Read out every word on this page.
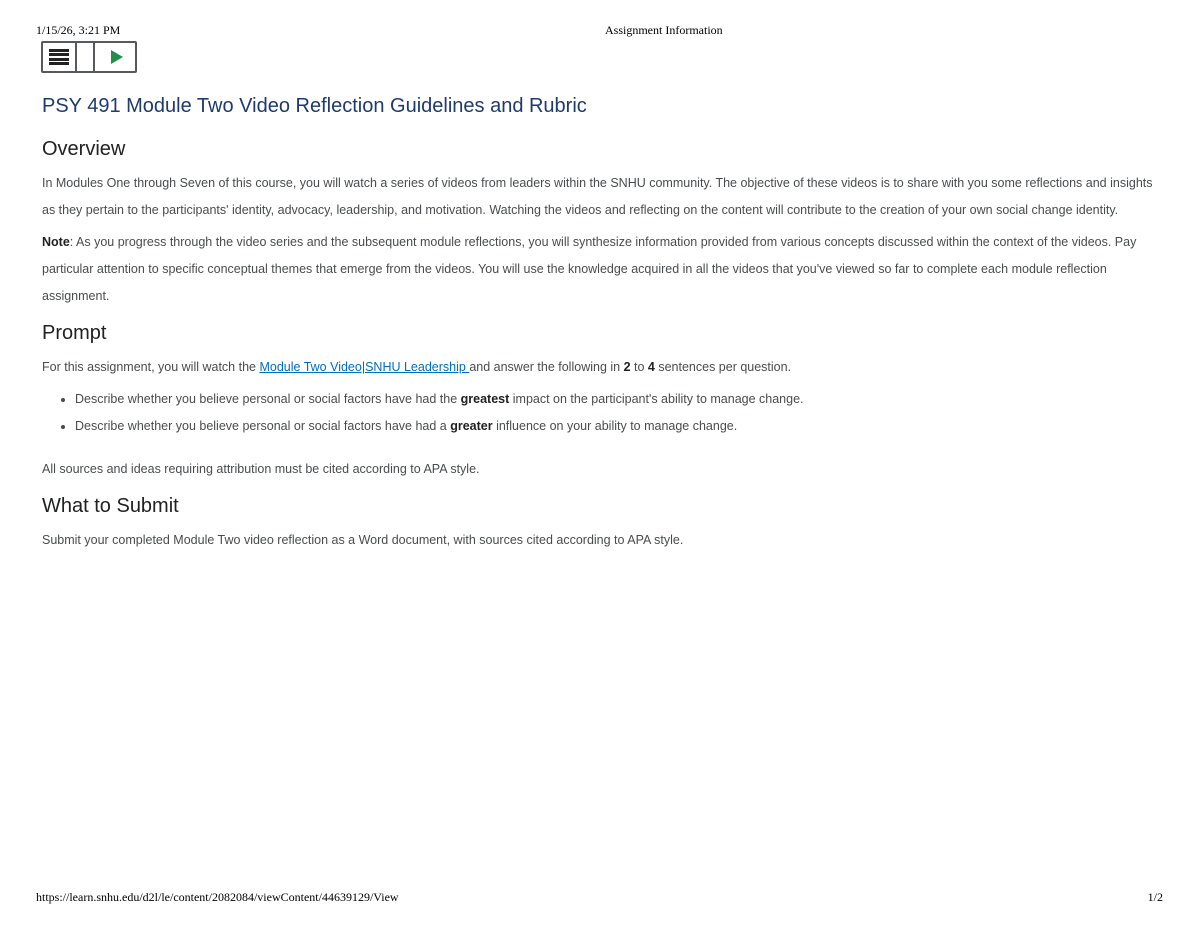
1/15/26, 3:21 PM	Assignment Information
PSY 491 Module Two Video Reflection Guidelines and Rubric
Overview

In Modules One through Seven of this course, you will watch a series of videos from leaders within the SNHU community. The objective of these videos is to share with you some reflections and insights as they pertain to the participants' identity, advocacy, leadership, and motivation. Watching the videos and reflecting on the content will contribute to the creation of your own social change identity.

Note: As you progress through the video series and the subsequent module reflections, you will synthesize information provided from various concepts discussed within the context of the videos. Pay particular attention to specific conceptual themes that emerge from the videos. You will use the knowledge acquired in all the videos that you've viewed so far to complete each module reflection assignment.

Prompt

For this assignment, you will watch the Module Two Video|SNHU Leadership and answer the following in 2 to 4 sentences per question.

• Describe whether you believe personal or social factors have had the greatest impact on the participant's ability to manage change.
• Describe whether you believe personal or social factors have had a greater influence on your ability to manage change.

All sources and ideas requiring attribution must be cited according to APA style.

What to Submit

Submit your completed Module Two video reflection as a Word document, with sources cited according to APA style.

https://learn.snhu.edu/d2l/le/content/2082084/viewContent/44639129/View	1/2
